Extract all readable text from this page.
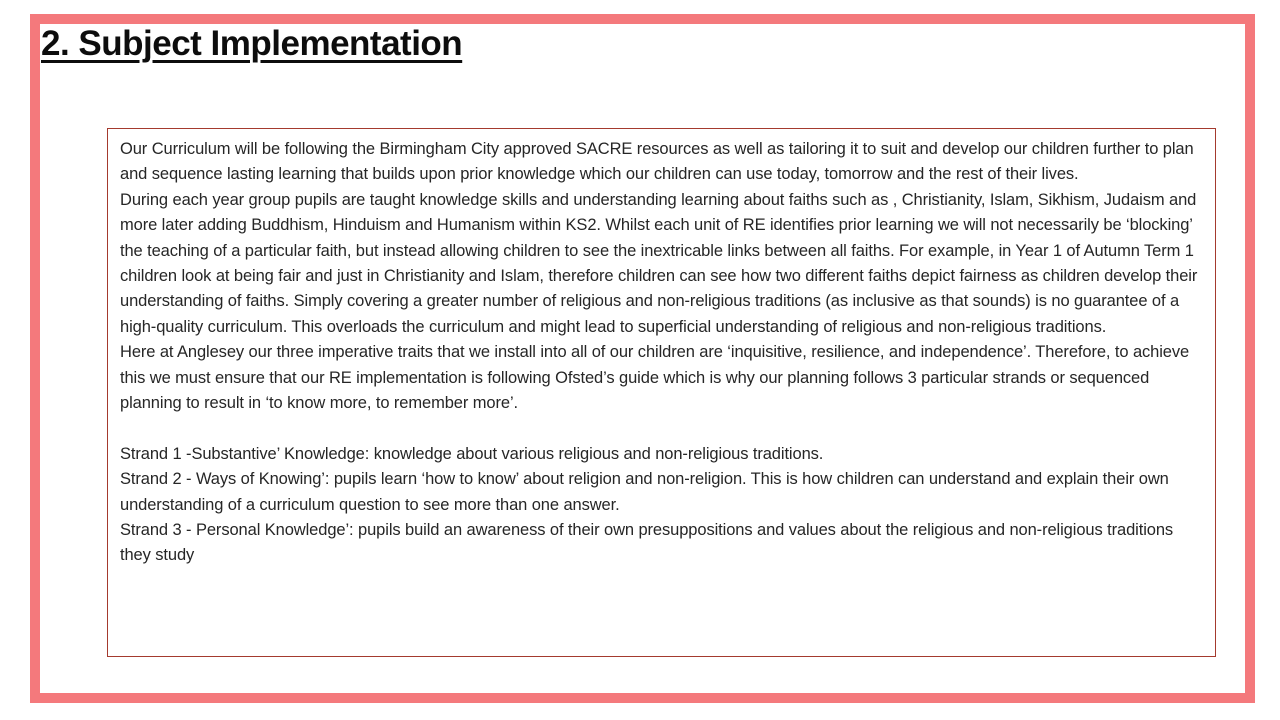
2. Subject Implementation

Our Curriculum will be following the Birmingham City approved SACRE resources as well as tailoring it to suit and develop our children further to plan and sequence lasting learning that builds upon prior knowledge which our children can use today, tomorrow and the rest of their lives.

During each year group pupils are taught knowledge skills and understanding learning about faiths such as , Christianity, Islam, Sikhism, Judaism and more later adding Buddhism, Hinduism and Humanism within KS2. Whilst each unit of RE identifies prior learning we will not necessarily be ‘blocking’ the teaching of a particular faith, but instead allowing children to see the inextricable links between all faiths. For example, in Year 1 of Autumn Term 1 children look at being fair and just in Christianity and Islam, therefore children can see how two different faiths depict fairness as children develop their understanding of faiths. Simply covering a greater number of religious and non-religious traditions (as inclusive as that sounds) is no guarantee of a high-quality curriculum. This overloads the curriculum and might lead to superficial understanding of religious and non-religious traditions.

Here at Anglesey our three imperative traits that we install into all of our children are ‘inquisitive, resilience, and independence’. Therefore, to achieve this we must ensure that our RE implementation is following Ofsted’s guide which is why our planning follows 3 particular strands or sequenced planning to result in ‘to know more, to remember more’.

Strand 1 -Substantive’ Knowledge: knowledge about various religious and non-religious traditions.

Strand 2 - Ways of Knowing’: pupils learn ‘how to know’ about religion and non-religion. This is how children can understand and explain their own understanding of a curriculum question to see more than one answer.

Strand 3 - Personal Knowledge’: pupils build an awareness of their own presuppositions and values about the religious and non-religious traditions they study
